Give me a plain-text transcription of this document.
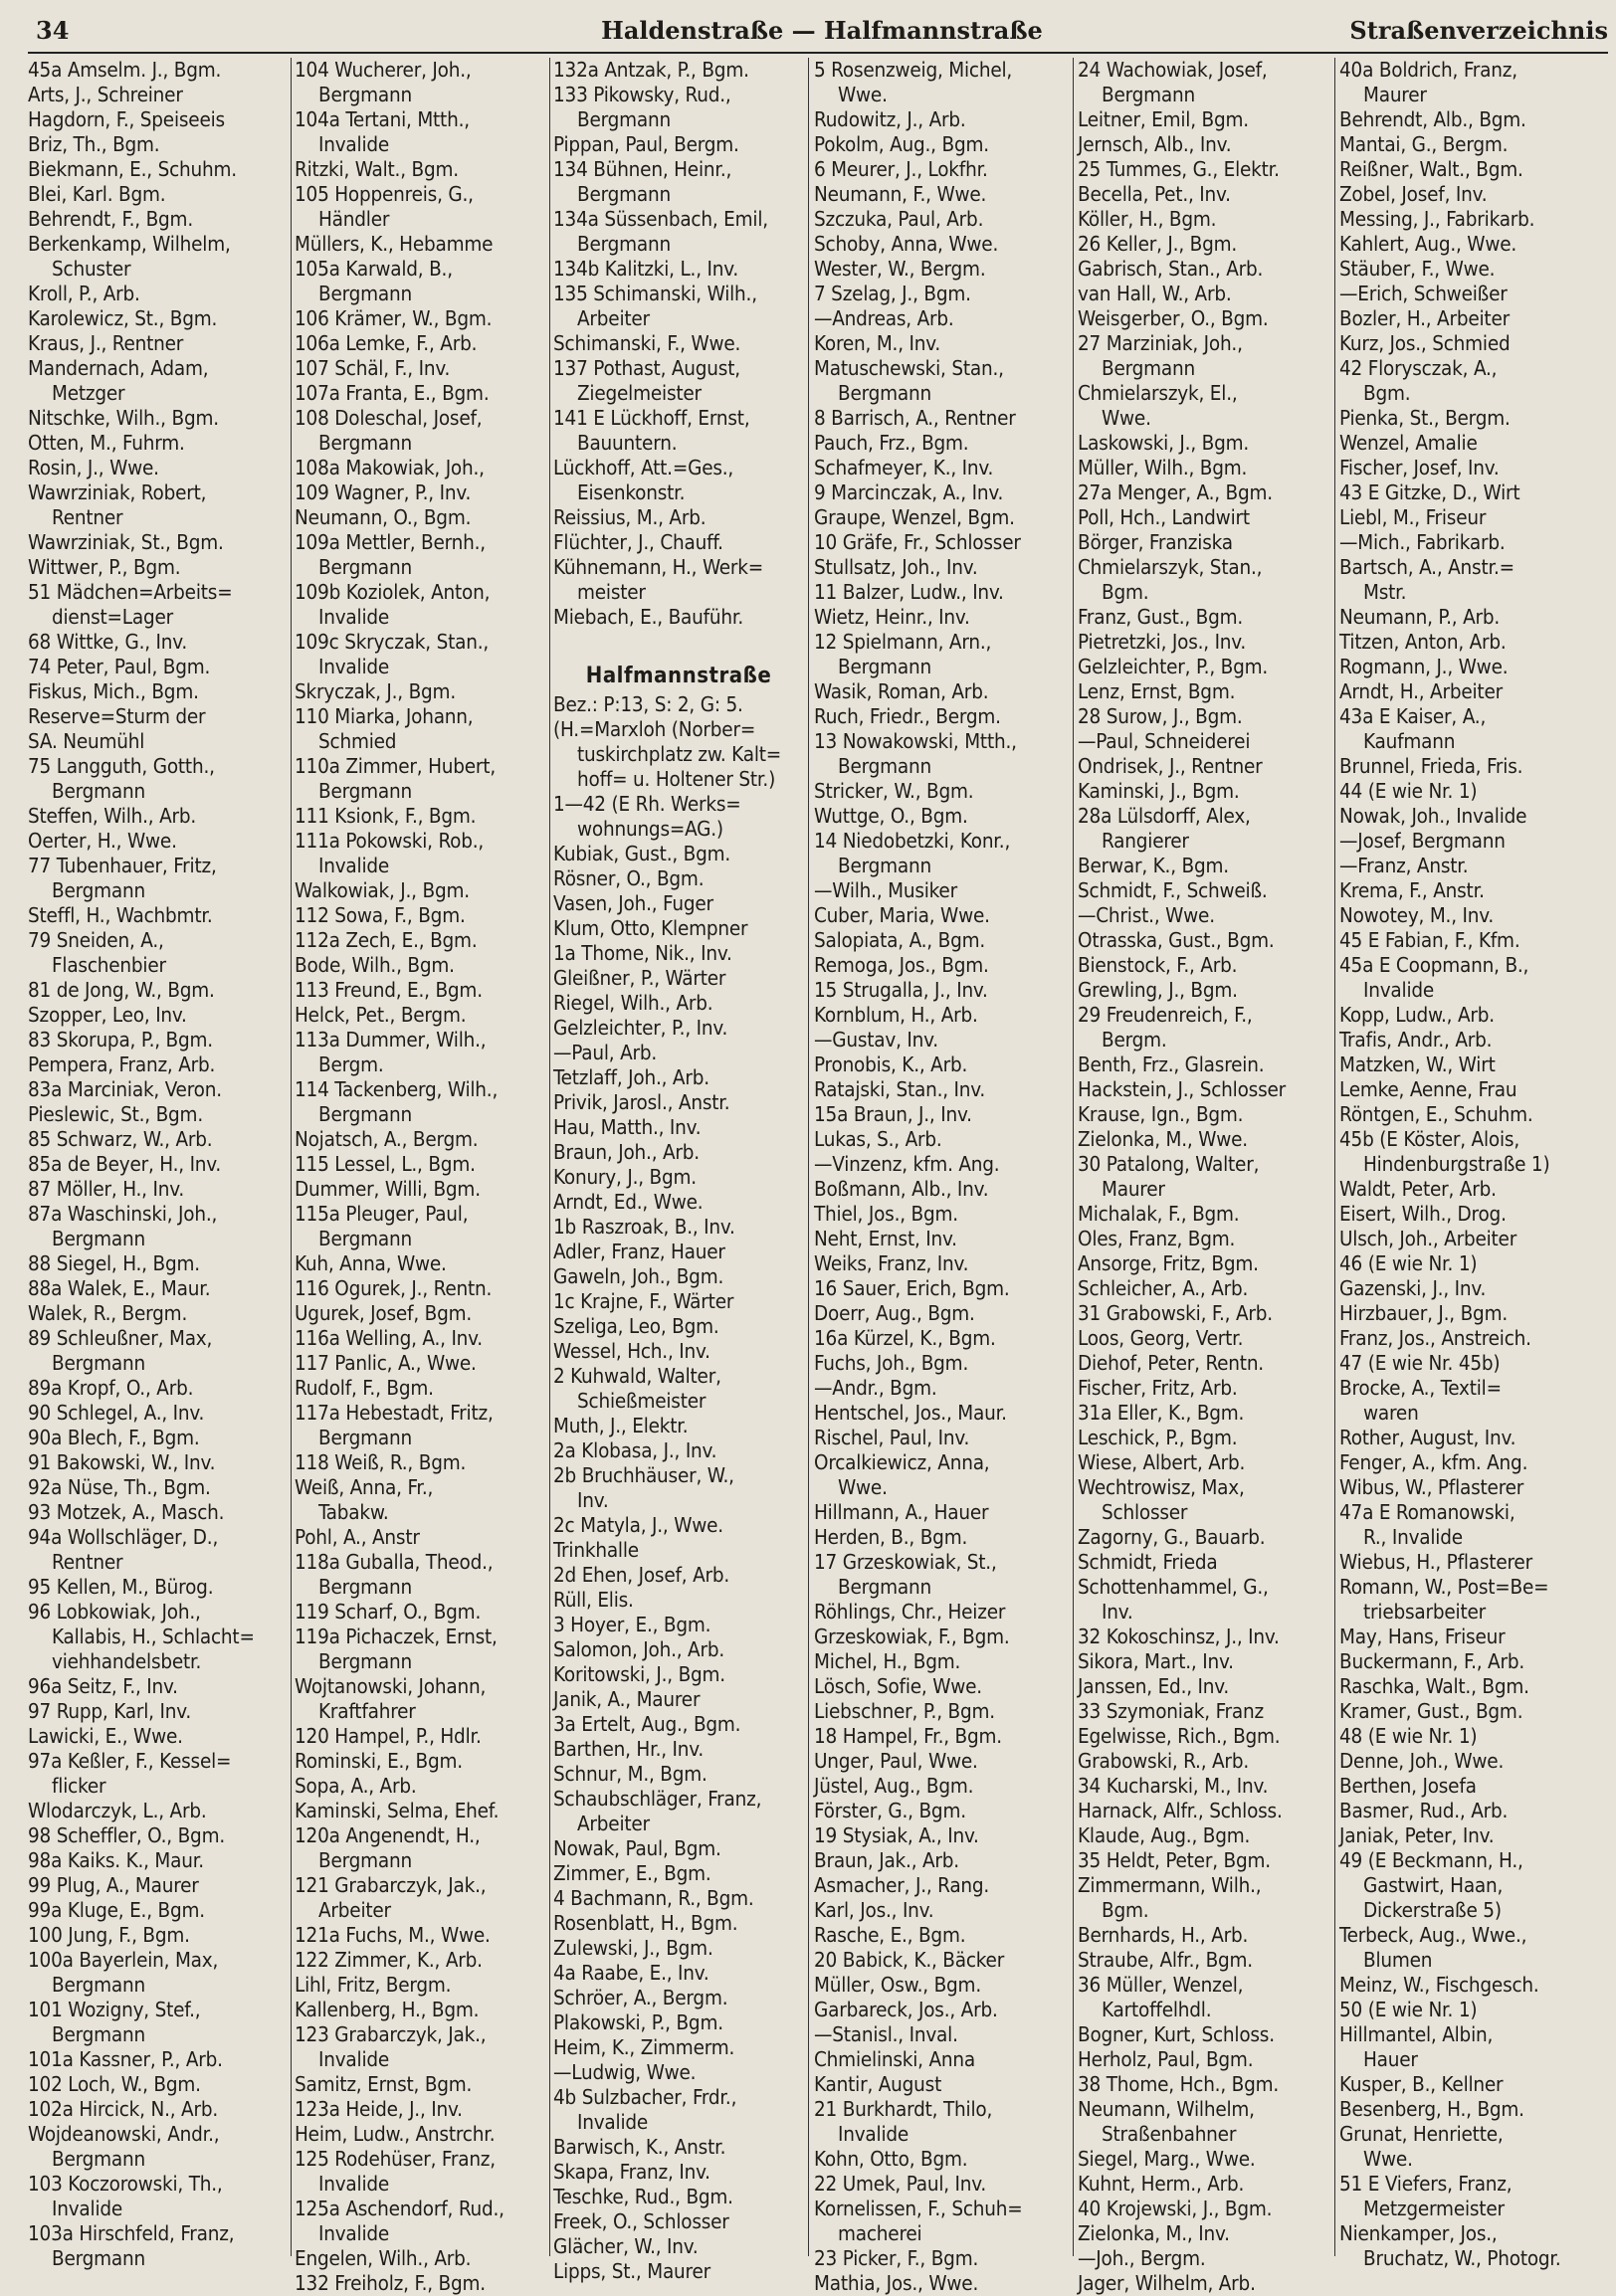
34	Haldenstraße — Halfmannstraße	Straßenverzeichnis
45a Amselm. J., Bgm.
Arts, J., Schreiner
Hagdorn, F., Speiseeis
Briz, Th., Bgm.
Biekmann, E., Schuhm.
Blei, Karl. Bgm.
Behrendt, F., Bgm.
Berkenkamp, Wilhelm,
Schuster
Kroll, P., Arb.
Karolewicz, St., Bgm.
Kraus, J., Rentner
Mandernach, Adam,
Metzger
Nitschke, Wilh., Bgm.
Otten, M., Fuhrm.
Rosin, J., Wwe.
Wawrziniak, Robert,
Rentner
Wawrziniak, St., Bgm.
Wittwer, P., Bgm.
51 Mädchen=Arbeits=
dienst=Lager
68 Wittke, G., Inv.
74 Peter, Paul, Bgm.
Fiskus, Mich., Bgm.
Reserve=Sturm der
SA. Neumühl
75 Langguth, Gotth.,
Bergmann
Steffen, Wilh., Arb.
Oerter, H., Wwe.
77 Tubenhauer, Fritz,
Bergmann
Steffl, H., Wachbmtr.
79 Sneiden, A.,
Flaschenbier
81 de Jong, W., Bgm.
Szopper, Leo, Inv.
83 Skorupa, P., Bgm.
Pempera, Franz, Arb.
83a Marciniak, Veron.
Pieslewic, St., Bgm.
85 Schwarz, W., Arb.
85a de Beyer, H., Inv.
87 Möller, H., Inv.
87a Waschinski, Joh.,
Bergmann
88 Siegel, H., Bgm.
88a Walek, E., Maur.
Walek, R., Bergm.
89 Schleußner, Max,
Bergmann
89a Kropf, O., Arb.
90 Schlegel, A., Inv.
90a Blech, F., Bgm.
91 Bakowski, W., Inv.
92a Nüse, Th., Bgm.
93 Motzek, A., Masch.
94a Wollschläger, D.,
Rentner
95 Kellen, M., Bürog.
96 Lobkowiak, Joh.,
Kallabis, H., Schlacht=
viehhandelsbetr.
96a Seitz, F., Inv.
97 Rupp, Karl, Inv.
Lawicki, E., Wwe.
97a Keßler, F., Kessel=
flicker
Wlodarczyk, L., Arb.
98 Scheffler, O., Bgm.
98a Kaiks. K., Maur.
99 Plug, A., Maurer
99a Kluge, E., Bgm.
100 Jung, F., Bgm.
100a Bayerlein, Max,
Bergmann
101 Wozigny, Stef.,
Bergmann
101a Kassner, P., Arb.
102 Loch, W., Bgm.
102a Hircick, N., Arb.
Wojdeanowski, Andr.,
Bergmann
103 Koczorowski, Th.,
Invalide
103a Hirschfeld, Franz,
Bergmann
104 Wucherer, Joh.,
Bergmann
104a Tertani, Mtth.,
Invalide
Ritzki, Walt., Bgm.
105 Hoppenreis, G.,
Händler
Müllers, K., Hebamme
105a Karwald, B.,
Bergmann
106 Krämer, W., Bgm.
106a Lemke, F., Arb.
107 Schäl, F., Inv.
107a Franta, E., Bgm.
108 Doleschal, Josef,
Bergmann
108a Makowiak, Joh.,
109 Wagner, P., Inv.
Neumann, O., Bgm.
109a Mettler, Bernh.,
Bergmann
109b Koziolek, Anton,
Invalide
109c Skryczak, Stan.,
Invalide
Skryczak, J., Bgm.
110 Miarka, Johann,
Schmied
110a Zimmer, Hubert,
Bergmann
111 Ksionk, F., Bgm.
111a Pokowski, Rob.,
Invalide
Walkowiak, J., Bgm.
112 Sowa, F., Bgm.
112a Zech, E., Bgm.
Bode, Wilh., Bgm.
113 Freund, E., Bgm.
Helck, Pet., Bergm.
113a Dummer, Wilh.,
Bergm.
114 Tackenberg, Wilh.,
Bergmann
Nojatsch, A., Bergm.
115 Lessel, L., Bgm.
Dummer, Willi, Bgm.
115a Pleuger, Paul,
Bergmann
Kuh, Anna, Wwe.
116 Ogurek, J., Rentn.
Ugurek, Josef, Bgm.
116a Welling, A., Inv.
117 Panlic, A., Wwe.
Rudolf, F., Bgm.
117a Hebestadt, Fritz,
Bergmann
118 Weiß, R., Bgm.
Weiß, Anna, Fr.,
Tabakw.
Pohl, A., Anstr
118a Guballa, Theod.,
Bergmann
119 Scharf, O., Bgm.
119a Pichaczek, Ernst,
Bergmann
Wojtanowski, Johann,
Kraftfahrer
120 Hampel, P., Hdlr.
Rominski, E., Bgm.
Sopa, A., Arb.
Kaminski, Selma, Ehef.
120a Angenendt, H.,
Bergmann
121 Grabarczyk, Jak.,
Arbeiter
121a Fuchs, M., Wwe.
122 Zimmer, K., Arb.
Lihl, Fritz, Bergm.
Kallenberg, H., Bgm.
123 Grabarczyk, Jak.,
Invalide
Samitz, Ernst, Bgm.
123a Heide, J., Inv.
Heim, Ludw., Anstrchr.
125 Rodehüser, Franz,
Invalide
125a Aschendorf, Rud.,
Invalide
Engelen, Wilh., Arb.
132 Freiholz, F., Bgm.
132a Antzak, P., Bgm.
133 Pikowsky, Rud.,
Bergmann
Pippan, Paul, Bergm.
134 Bühnen, Heinr.,
Bergmann
134a Süssenbach, Emil,
Bergmann
134b Kalitzki, L., Inv.
135 Schimanski, Wilh.,
Arbeiter
Schimanski, F., Wwe.
137 Pothast, August,
Ziegelmeister
141 E Lückhoff, Ernst,
Bauuntern.
Lückhoff, Att.=Ges.,
Eisenkonstr.
Reissius, M., Arb.
Flüchter, J., Chauff.
Kühnemann, H., Werk=
meister
Miebach, E., Bauführ.
Halfmannstraße
Bez.: P:13, S: 2, G: 5.
(H.=Marxloh (Norber=
tuskirchplatz zw. Kalt=
hoff= u. Holtener Str.)
1—42 (E Rh. Werks=
wohnungs=AG.)
Kubiak, Gust., Bgm.
Rösner, O., Bgm.
Vasen, Joh., Fuger
Klum, Otto, Klempner
1a Thome, Nik., Inv.
Gleißner, P., Wärter
Riegel, Wilh., Arb.
Gelzleichter, P., Inv.
—Paul, Arb.
Tetzlaff, Joh., Arb.
Privik, Jarosl., Anstr.
Hau, Matth., Inv.
Braun, Joh., Arb.
Konury, J., Bgm.
Arndt, Ed., Wwe.
1b Raszroak, B., Inv.
Adler, Franz, Hauer
Gaweln, Joh., Bgm.
1c Krajne, F., Wärter
Szeliga, Leo, Bgm.
Wessel, Hch., Inv.
2 Kuhwald, Walter,
Schießmeister
Muth, J., Elektr.
2a Klobasa, J., Inv.
2b Bruchhäuser, W.,
Inv.
2c Matyla, J., Wwe.
Trinkhalle
2d Ehen, Josef, Arb.
Rüll, Elis.
3 Hoyer, E., Bgm.
Salomon, Joh., Arb.
Koritowski, J., Bgm.
Janik, A., Maurer
3a Ertelt, Aug., Bgm.
Barthen, Hr., Inv.
Schnur, M., Bgm.
Schaubschläger, Franz,
Arbeiter
Nowak, Paul, Bgm.
Zimmer, E., Bgm.
4 Bachmann, R., Bgm.
Rosenblatt, H., Bgm.
Zulewski, J., Bgm.
4a Raabe, E., Inv.
Schröer, A., Bergm.
Plakowski, P., Bgm.
Heim, K., Zimmerm.
—Ludwig, Wwe.
4b Sulzbacher, Frdr.,
Invalide
Barwisch, K., Anstr.
Skapa, Franz, Inv.
Teschke, Rud., Bgm.
Freek, O., Schlosser
Glächer, W., Inv.
Lipps, St., Maurer
5 Rosenzweig, Michel,
Wwe.
Rudowitz, J., Arb.
Pokolm, Aug., Bgm.
6 Meurer, J., Lokfhr.
Neumann, F., Wwe.
Szczuka, Paul, Arb.
Schoby, Anna, Wwe.
Wester, W., Bergm.
7 Szelag, J., Bgm.
—Andreas, Arb.
Koren, M., Inv.
Matuschewski, Stan.,
Bergmann
8 Barrisch, A., Rentner
Pauch, Frz., Bgm.
Schafmeyer, K., Inv.
9 Marcinczak, A., Inv.
Graupe, Wenzel, Bgm.
10 Gräfe, Fr., Schlosser
Stullsatz, Joh., Inv.
11 Balzer, Ludw., Inv.
Wietz, Heinr., Inv.
12 Spielmann, Arn.,
Bergmann
Wasik, Roman, Arb.
Ruch, Friedr., Bergm.
13 Nowakowski, Mtth.,
Bergmann
Stricker, W., Bgm.
Wuttge, O., Bgm.
14 Niedobetzki, Konr.,
Bergmann
—Wilh., Musiker
Cuber, Maria, Wwe.
Salopiata, A., Bgm.
Remoga, Jos., Bgm.
15 Strugalla, J., Inv.
Kornblum, H., Arb.
—Gustav, Inv.
Pronobis, K., Arb.
Ratajski, Stan., Inv.
15a Braun, J., Inv.
Lukas, S., Arb.
—Vinzenz, kfm. Ang.
Boßmann, Alb., Inv.
Thiel, Jos., Bgm.
Neht, Ernst, Inv.
Weiks, Franz, Inv.
16 Sauer, Erich, Bgm.
Doerr, Aug., Bgm.
16a Kürzel, K., Bgm.
Fuchs, Joh., Bgm.
—Andr., Bgm.
Hentschel, Jos., Maur.
Rischel, Paul, Inv.
Orcalkiewicz, Anna,
Wwe.
Hillmann, A., Hauer
Herden, B., Bgm.
17 Grzeskowiak, St.,
Bergmann
Röhlings, Chr., Heizer
Grzeskowiak, F., Bgm.
Michel, H., Bgm.
Lösch, Sofie, Wwe.
Liebschner, P., Bgm.
18 Hampel, Fr., Bgm.
Unger, Paul, Wwe.
Jüstel, Aug., Bgm.
Förster, G., Bgm.
19 Stysiak, A., Inv.
Braun, Jak., Arb.
Asmacher, J., Rang.
Karl, Jos., Inv.
Rasche, E., Bgm.
20 Babick, K., Bäcker
Müller, Osw., Bgm.
Garbareck, Jos., Arb.
—Stanisl., Inval.
Chmielinski, Anna
Kantir, August
21 Burkhardt, Thilo,
Invalide
Kohn, Otto, Bgm.
22 Umek, Paul, Inv.
Kornelissen, F., Schuh=
macherei
23 Picker, F., Bgm.
Mathia, Jos., Wwe.
24 Wachowiak, Josef,
Bergmann
Leitner, Emil, Bgm.
Jernsch, Alb., Inv.
25 Tummes, G., Elektr.
Becella, Pet., Inv.
Köller, H., Bgm.
26 Keller, J., Bgm.
Gabrisch, Stan., Arb.
van Hall, W., Arb.
Weisgerber, O., Bgm.
27 Marziniak, Joh.,
Bergmann
Chmielarszyk, El.,
Wwe.
Laskowski, J., Bgm.
Müller, Wilh., Bgm.
27a Menger, A., Bgm.
Poll, Hch., Landwirt
Börger, Franziska
Chmielarszyk, Stan.,
Bgm.
Franz, Gust., Bgm.
Pietretzki, Jos., Inv.
Gelzleichter, P., Bgm.
Lenz, Ernst, Bgm.
28 Surow, J., Bgm.
—Paul, Schneiderei
Ondrisek, J., Rentner
Kaminski, J., Bgm.
28a Lülsdorff, Alex,
Rangierer
Berwar, K., Bgm.
Schmidt, F., Schweiß.
—Christ., Wwe.
Otrasska, Gust., Bgm.
Bienstock, F., Arb.
Grewling, J., Bgm.
29 Freudenreich, F.,
Bergm.
Benth, Frz., Glasrein.
Hackstein, J., Schlosser
Krause, Ign., Bgm.
Zielonka, M., Wwe.
30 Patalong, Walter,
Maurer
Michalak, F., Bgm.
Oles, Franz, Bgm.
Ansorge, Fritz, Bgm.
Schleicher, A., Arb.
31 Grabowski, F., Arb.
Loos, Georg, Vertr.
Diehof, Peter, Rentn.
Fischer, Fritz, Arb.
31a Eller, K., Bgm.
Leschick, P., Bgm.
Wiese, Albert, Arb.
Wechtrowisz, Max,
Schlosser
Zagorny, G., Bauarb.
Schmidt, Frieda
Schottenhammel, G.,
Inv.
32 Kokoschinsz, J., Inv.
Sikora, Mart., Inv.
Janssen, Ed., Inv.
33 Szymoniak, Franz
Egelwisse, Rich., Bgm.
Grabowski, R., Arb.
34 Kucharski, M., Inv.
Harnack, Alfr., Schloss.
Klaude, Aug., Bgm.
35 Heldt, Peter, Bgm.
Zimmermann, Wilh.,
Bgm.
Bernhards, H., Arb.
Straube, Alfr., Bgm.
36 Müller, Wenzel,
Kartoffelhdl.
Bogner, Kurt, Schloss.
Herholz, Paul, Bgm.
38 Thome, Hch., Bgm.
Neumann, Wilhelm,
Straßenbahner
Siegel, Marg., Wwe.
Kuhnt, Herm., Arb.
40 Krojewski, J., Bgm.
Zielonka, M., Inv.
—Joh., Bergm.
Jager, Wilhelm, Arb.
40a Boldrich, Franz,
Maurer
Behrendt, Alb., Bgm.
Mantai, G., Bergm.
Reißner, Walt., Bgm.
Zobel, Josef, Inv.
Messing, J., Fabrikarb.
Kahlert, Aug., Wwe.
Stäuber, F., Wwe.
—Erich, Schweißer
Bozler, H., Arbeiter
Kurz, Jos., Schmied
42 Florysczak, A.,
Bgm.
Pienka, St., Bergm.
Wenzel, Amalie
Fischer, Josef, Inv.
43 E Gitzke, D., Wirt
Liebl, M., Friseur
—Mich., Fabrikarb.
Bartsch, A., Anstr.=
Mstr.
Neumann, P., Arb.
Titzen, Anton, Arb.
Rogmann, J., Wwe.
Arndt, H., Arbeiter
43a E Kaiser, A.,
Kaufmann
Brunnel, Frieda, Fris.
44 (E wie Nr. 1)
Nowak, Joh., Invalide
—Josef, Bergmann
—Franz, Anstr.
Krema, F., Anstr.
Nowotey, M., Inv.
45 E Fabian, F., Kfm.
45a E Coopmann, B.,
Invalide
Kopp, Ludw., Arb.
Trafis, Andr., Arb.
Matzken, W., Wirt
Lemke, Aenne, Frau
Röntgen, E., Schuhm.
45b (E Köster, Alois,
Hindenburgstraße 1)
Waldt, Peter, Arb.
Eisert, Wilh., Drog.
Ulsch, Joh., Arbeiter
46 (E wie Nr. 1)
Gazenski, J., Inv.
Hirzbauer, J., Bgm.
Franz, Jos., Anstreich.
47 (E wie Nr. 45b)
Brocke, A., Textil=
waren
Rother, August, Inv.
Fenger, A., kfm. Ang.
Wibus, W., Pflasterer
47a E Romanowski,
R., Invalide
Wiebus, H., Pflasterer
Romann, W., Post=Be=
triebsarbeiter
May, Hans, Friseur
Buckermann, F., Arb.
Raschka, Walt., Bgm.
Kramer, Gust., Bgm.
48 (E wie Nr. 1)
Denne, Joh., Wwe.
Berthen, Josefa
Basmer, Rud., Arb.
Janiak, Peter, Inv.
49 (E Beckmann, H.,
Gastwirt, Haan,
Dickerstraße 5)
Terbeck, Aug., Wwe.,
Blumen
Meinz, W., Fischgesch.
50 (E wie Nr. 1)
Hillmantel, Albin,
Hauer
Kusper, B., Kellner
Besenberg, H., Bgm.
Grunat, Henriette,
Wwe.
51 E Viefers, Franz,
Metzgermeister
Nienkamper, Jos.,
Bruchatz, W., Photogr.
